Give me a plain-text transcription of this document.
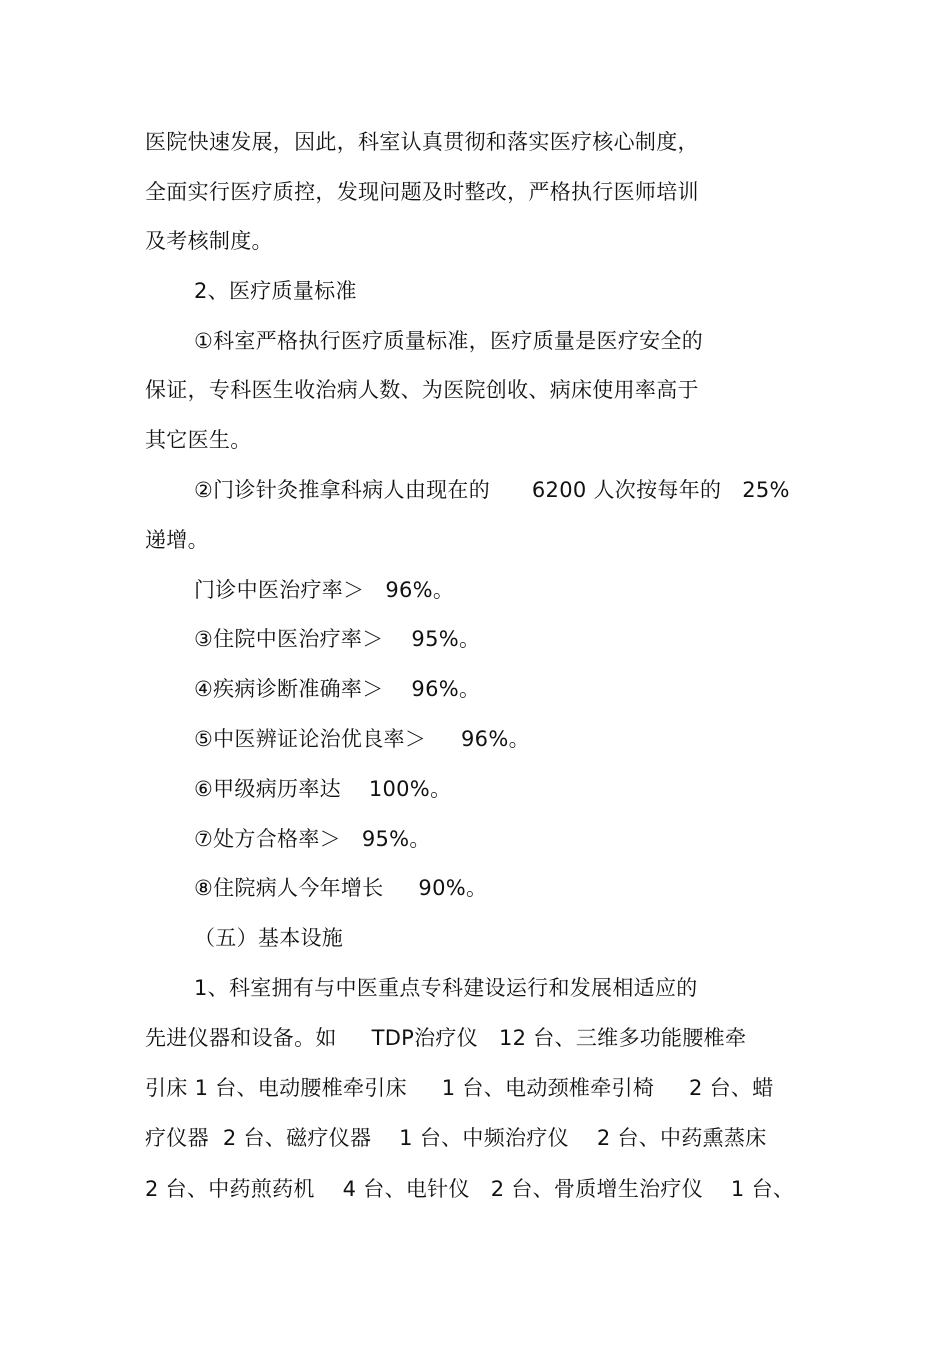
医院快速发展，因此，科室认真贯彻和落实医疗核心制度，
全面实行医疗质控，发现问题及时整改，严格执行医师培训
及考核制度。
2、医疗质量标准
①科室严格执行医疗质量标准，医疗质量是医疗安全的
保证，专科医生收治病人数、为医院创收、病床使用率高于
其它医生。
②门诊针灸推拿科病人由现在的      6200 人次按每年的   25%
递增。
门诊中医治疗率＞   96%。
③住院中医治疗率＞    95%。
④疾病诊断准确率＞    96%。
⑤中医辨证论治优良率＞     96%。
⑥甲级病历率达    100%。
⑦处方合格率＞   95%。
⑧住院病人今年增长     90%。
（五）基本设施
1、科室拥有与中医重点专科建设运行和发展相适应的
先进仪器和设备。如     TDP治疗仪   12 台、三维多功能腰椎牵
引床 1 台、电动腰椎牵引床     1 台、电动颈椎牵引椅     2 台、蜡
疗仪器  2 台、磁疗仪器    1 台、中频治疗仪    2 台、中药熏蒸床
2 台、中药煎药机    4 台、电针仪   2 台、骨质增生治疗仪    1 台、
